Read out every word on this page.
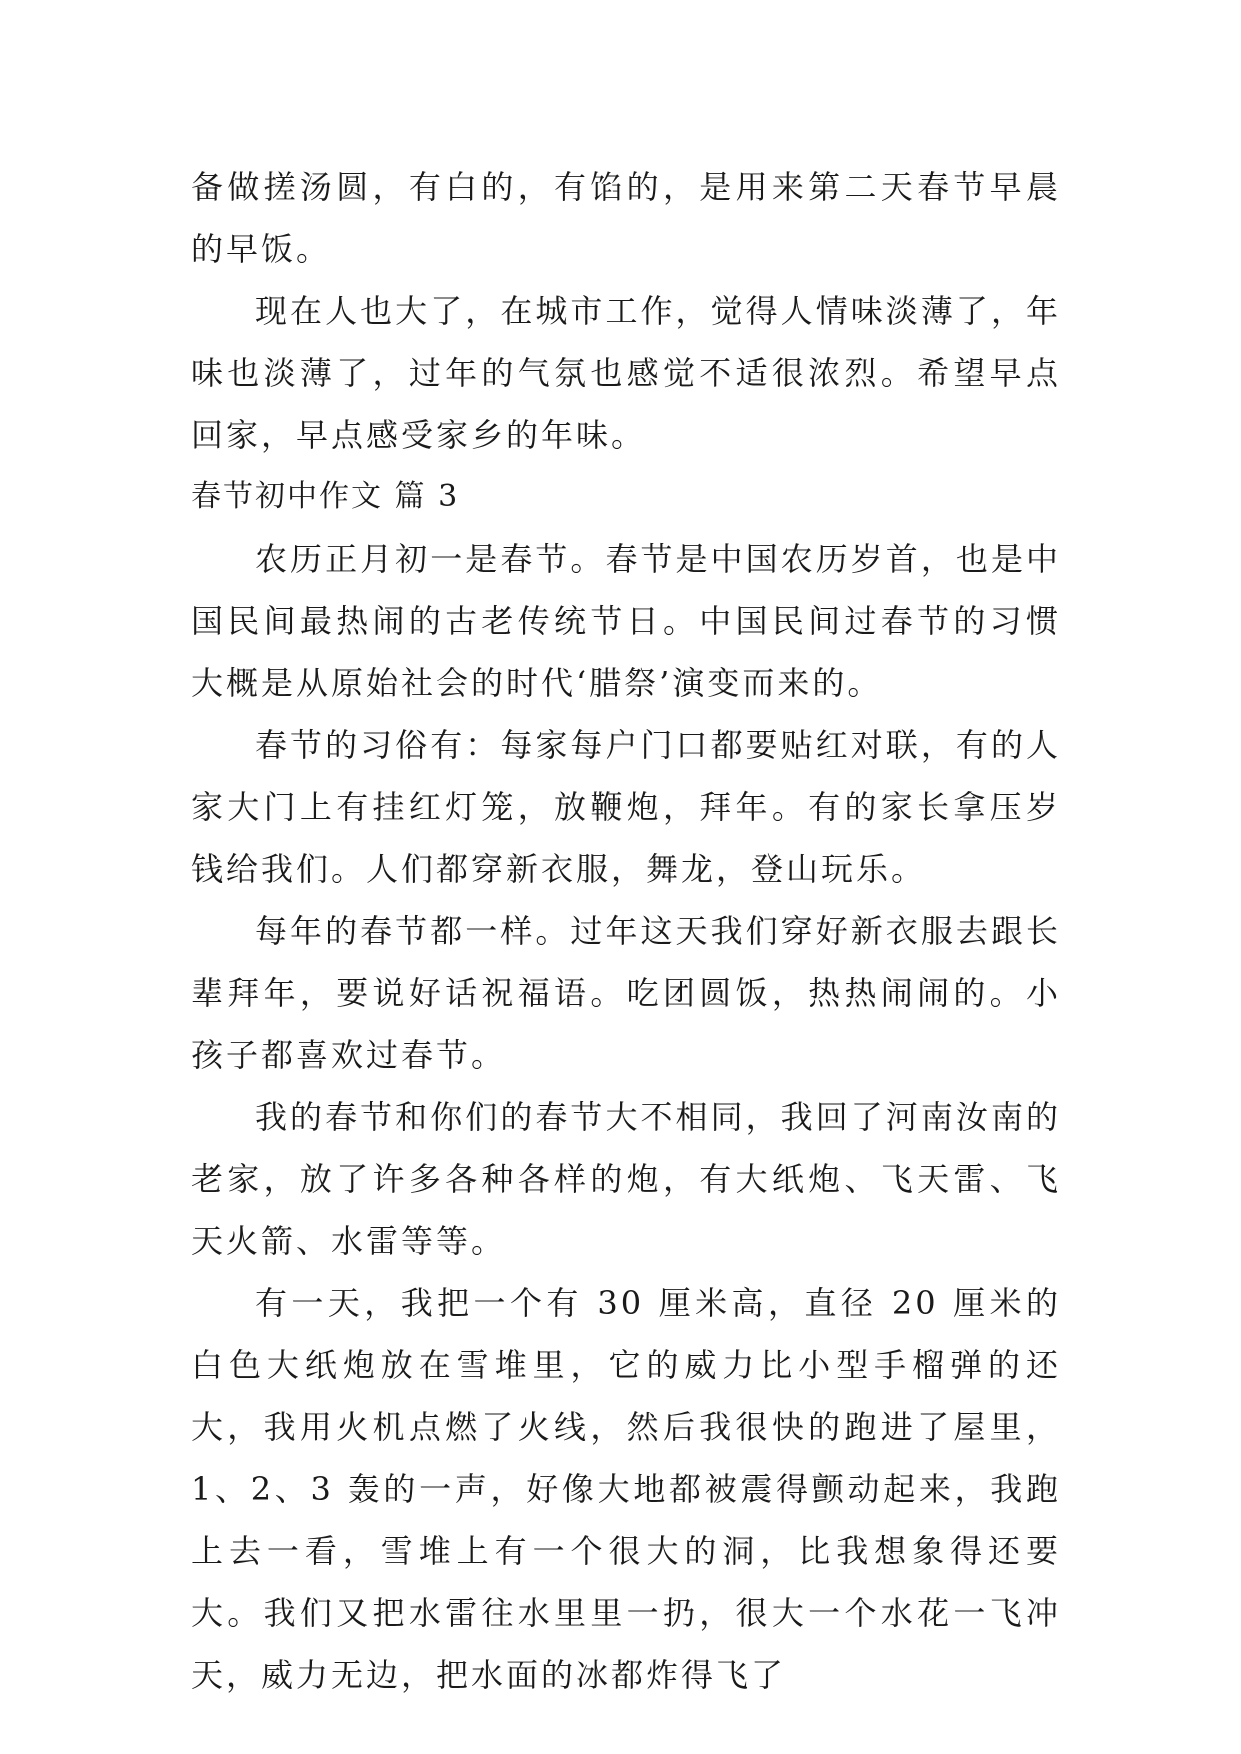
备做搓汤圆，有白的，有馅的，是用来第二天春节早晨的早饭。

现在人也大了，在城市工作，觉得人情味淡薄了，年味也淡薄了，过年的气氛也感觉不适很浓烈。希望早点回家，早点感受家乡的年味。

春节初中作文 篇 3

农历正月初一是春节。春节是中国农历岁首，也是中国民间最热闹的古老传统节日。中国民间过春节的习惯大概是从原始社会的时代‘腊祭’演变而来的。

春节的习俗有：每家每户门口都要贴红对联，有的人家大门上有挂红灯笼，放鞭炮，拜年。有的家长拿压岁钱给我们。人们都穿新衣服，舞龙，登山玩乐。

每年的春节都一样。过年这天我们穿好新衣服去跟长辈拜年，要说好话祝福语。吃团圆饭，热热闹闹的。小孩子都喜欢过春节。

我的春节和你们的春节大不相同，我回了河南汝南的老家，放了许多各种各样的炮，有大纸炮、飞天雷、飞天火箭、水雷等等。

有一天，我把一个有 30 厘米高，直径 20 厘米的白色大纸炮放在雪堆里，它的威力比小型手榴弹的还大，我用火机点燃了火线，然后我很快的跑进了屋里，1、2、3 轰的一声，好像大地都被震得颤动起来，我跑上去一看，雪堆上有一个很大的洞，比我想象得还要大。我们又把水雷往水里里一扔，很大一个水花一飞冲天，威力无边，把水面的冰都炸得飞了
